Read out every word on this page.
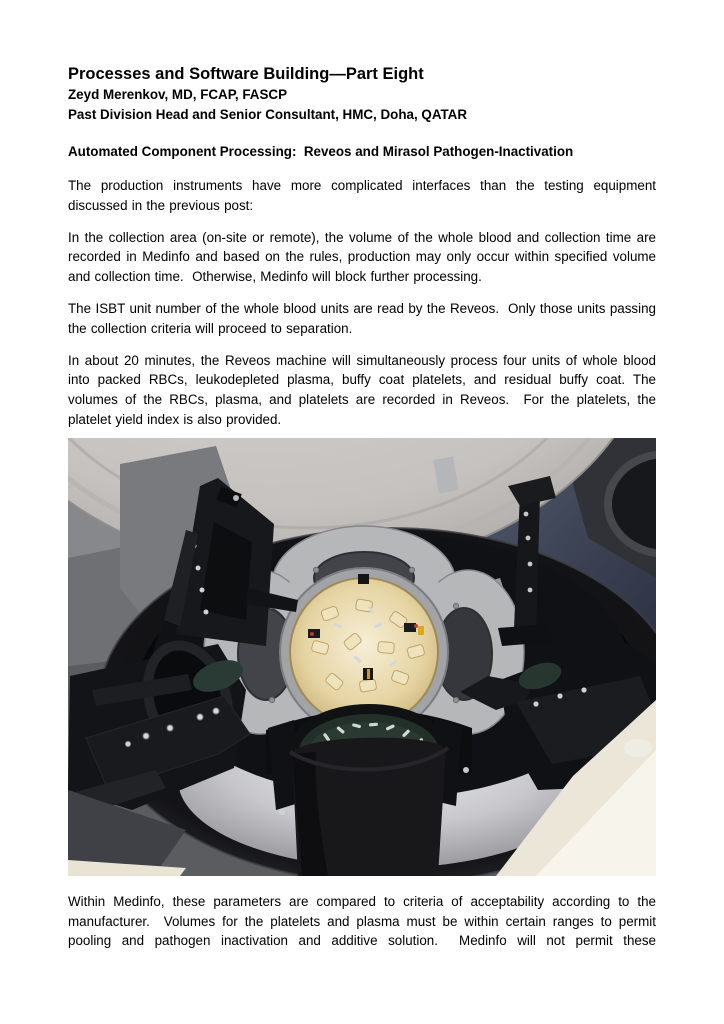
Processes and Software Building—Part Eight
Zeyd Merenkov, MD, FCAP, FASCP
Past Division Head and Senior Consultant, HMC, Doha, QATAR
Automated Component Processing:  Reveos and Mirasol Pathogen-Inactivation

The production instruments have more complicated interfaces than the testing equipment discussed in the previous post:

In the collection area (on-site or remote), the volume of the whole blood and collection time are recorded in Medinfo and based on the rules, production may only occur within specified volume and collection time.  Otherwise, Medinfo will block further processing.

The ISBT unit number of the whole blood units are read by the Reveos.  Only those units passing the collection criteria will proceed to separation.

In about 20 minutes, the Reveos machine will simultaneously process four units of whole blood into packed RBCs, leukodepleted plasma, buffy coat platelets, and residual buffy coat. The volumes of the RBCs, plasma, and platelets are recorded in Reveos.  For the platelets, the platelet yield index is also provided.

Within Medinfo, these parameters are compared to criteria of acceptability according to the manufacturer.  Volumes for the platelets and plasma must be within certain ranges to permit pooling and pathogen inactivation and additive solution.  Medinfo will not permit these
